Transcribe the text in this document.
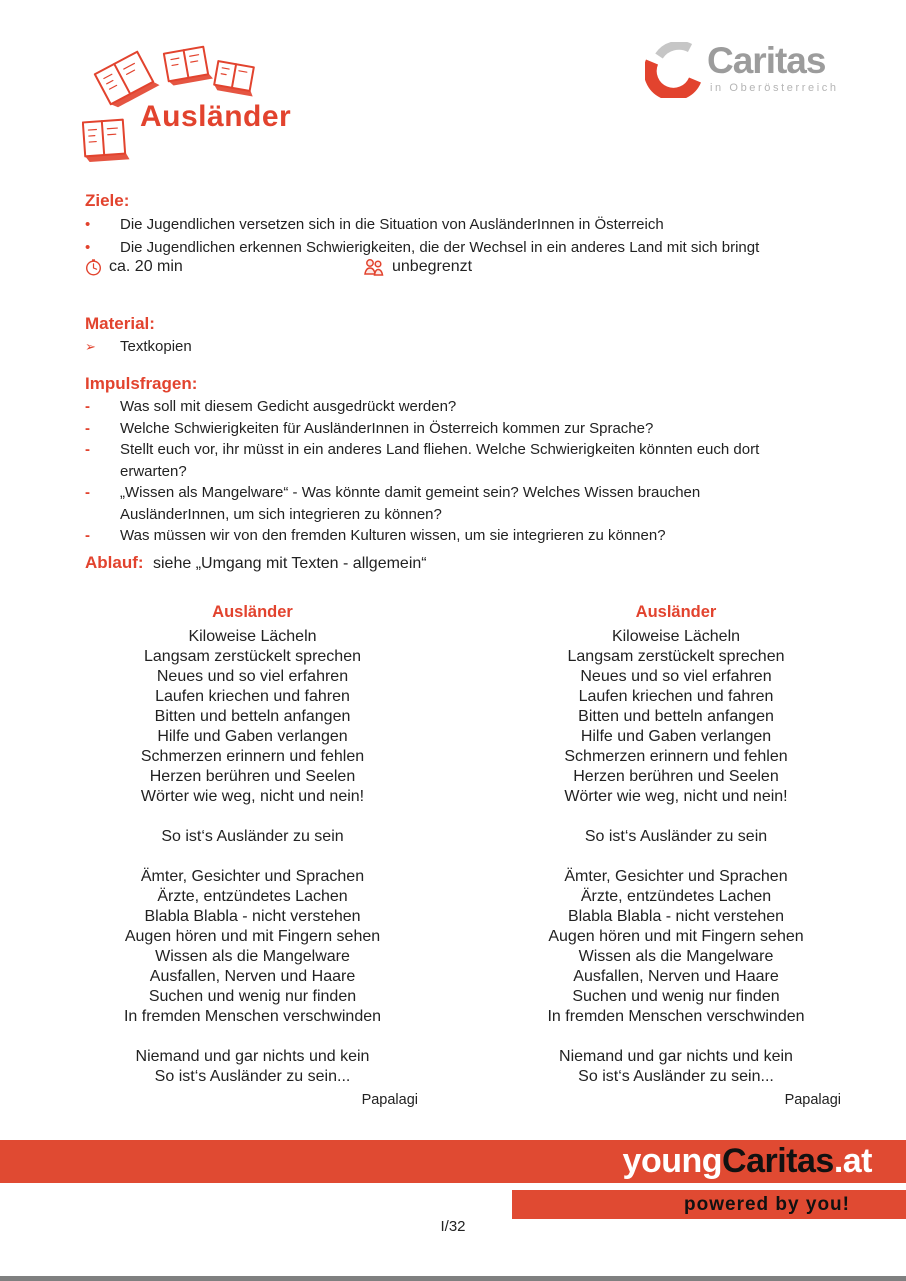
Ausländer
Caritas
in Oberösterreich
Ziele:
•	Die Jugendlichen versetzen sich in die Situation von AusländerInnen in Österreich
•	Die Jugendlichen erkennen Schwierigkeiten, die der Wechsel in ein anderes Land mit sich bringt
ca. 20 min	unbegrenzt
Material:
➢	Textkopien
Impulsfragen:
-	Was soll mit diesem Gedicht ausgedrückt werden?
-	Welche Schwierigkeiten für AusländerInnen in Österreich kommen zur Sprache?
-	Stellt euch vor, ihr müsst in ein anderes Land fliehen. Welche Schwierigkeiten könnten euch dort erwarten?
-	„Wissen als Mangelware“ - Was könnte damit gemeint sein? Welches Wissen brauchen AusländerInnen, um sich integrieren zu können?
-	Was müssen wir von den fremden Kulturen wissen, um sie integrieren zu können?
Ablauf: siehe „Umgang mit Texten - allgemein“
Ausländer
Kiloweise Lächeln
Langsam zerstückelt sprechen
Neues und so viel erfahren
Laufen kriechen und fahren
Bitten und betteln anfangen
Hilfe und Gaben verlangen
Schmerzen erinnern und fehlen
Herzen berühren und Seelen
Wörter wie weg, nicht und nein!
So ist‘s Ausländer zu sein
Ämter, Gesichter und Sprachen
Ärzte, entzündetes Lachen
Blabla Blabla - nicht verstehen
Augen hören und mit Fingern sehen
Wissen als die Mangelware
Ausfallen, Nerven und Haare
Suchen und wenig nur finden
In fremden Menschen verschwinden
Niemand und gar nichts und kein
So ist‘s Ausländer zu sein...
Papalagi
Ausländer
Kiloweise Lächeln
Langsam zerstückelt sprechen
Neues und so viel erfahren
Laufen kriechen und fahren
Bitten und betteln anfangen
Hilfe und Gaben verlangen
Schmerzen erinnern und fehlen
Herzen berühren und Seelen
Wörter wie weg, nicht und nein!
So ist‘s Ausländer zu sein
Ämter, Gesichter und Sprachen
Ärzte, entzündetes Lachen
Blabla Blabla - nicht verstehen
Augen hören und mit Fingern sehen
Wissen als die Mangelware
Ausfallen, Nerven und Haare
Suchen und wenig nur finden
In fremden Menschen verschwinden
Niemand und gar nichts und kein
So ist‘s Ausländer zu sein...
Papalagi
youngCaritas.at
powered by you!
I/32
